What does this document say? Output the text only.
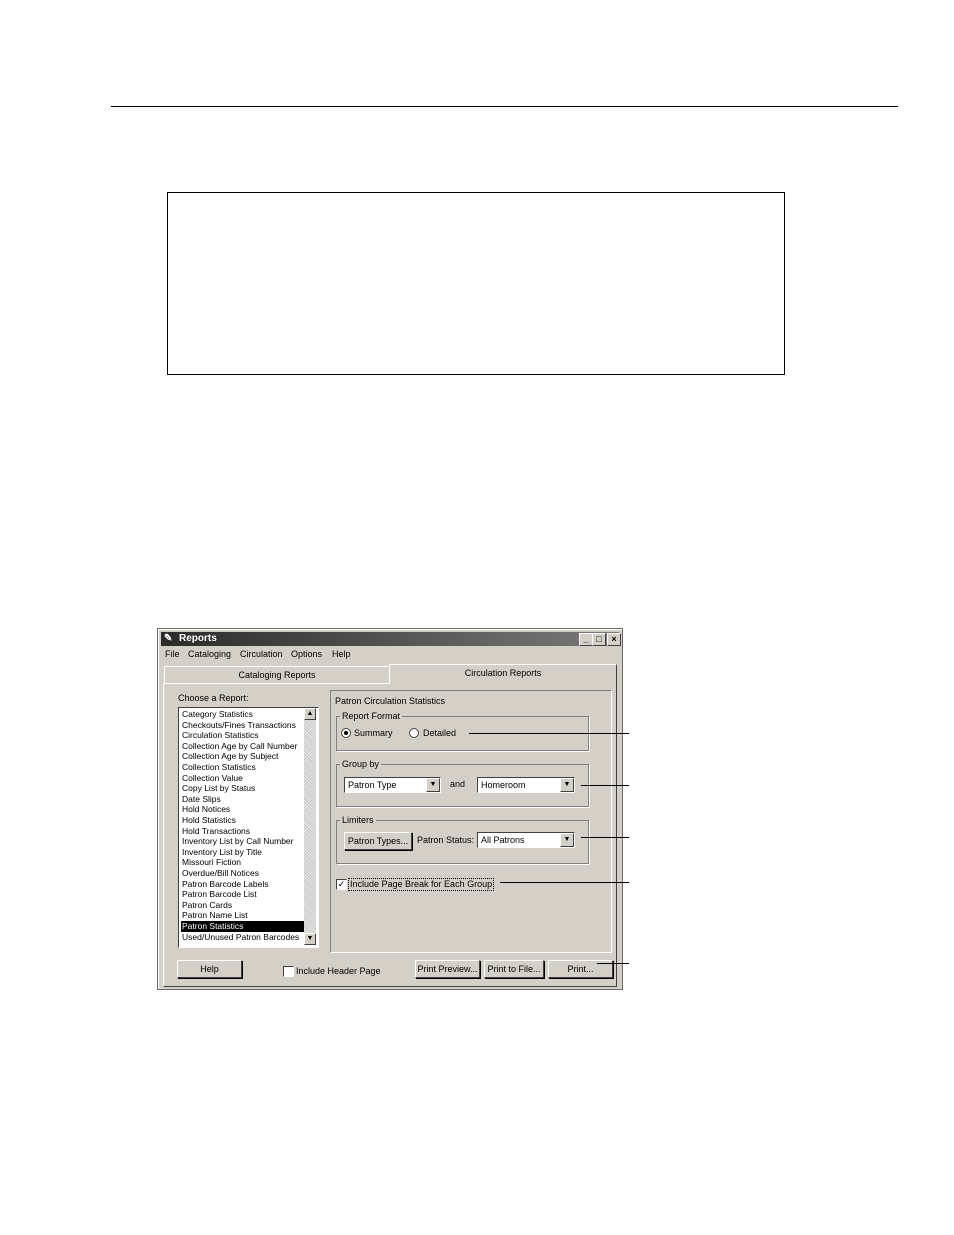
✎ Reports	_ □	×
File Cataloging Circulation Options Help
Cataloging Reports	Circulation Reports
Choose a Report:
Category Statistics
Checkouts/Fines Transactions
Circulation Statistics
Collection Age by Call Number
Collection Age by Subject
Collection Statistics
Collection Value
Copy List by Status
Date Slips
Hold Notices
Hold Statistics
Hold Transactions
Inventory List by Call Number
Inventory List by Title
Missouri Fiction
Overdue/Bill Notices
Patron Barcode Labels
Patron Barcode List
Patron Cards
Patron Name List
Patron Statistics
Used/Unused Patron Barcodes
▲
▼
Patron Circulation Statistics
Report Format
Summary	Detailed
Group by
Patron Type	▼	and Homeroom	▼
Limiters
Patron Types... Patron Status: All Patrons	▼
✓ Include Page Break for Each Group
Help	Include Header Page	Print Preview...	Print to File...	Print...
